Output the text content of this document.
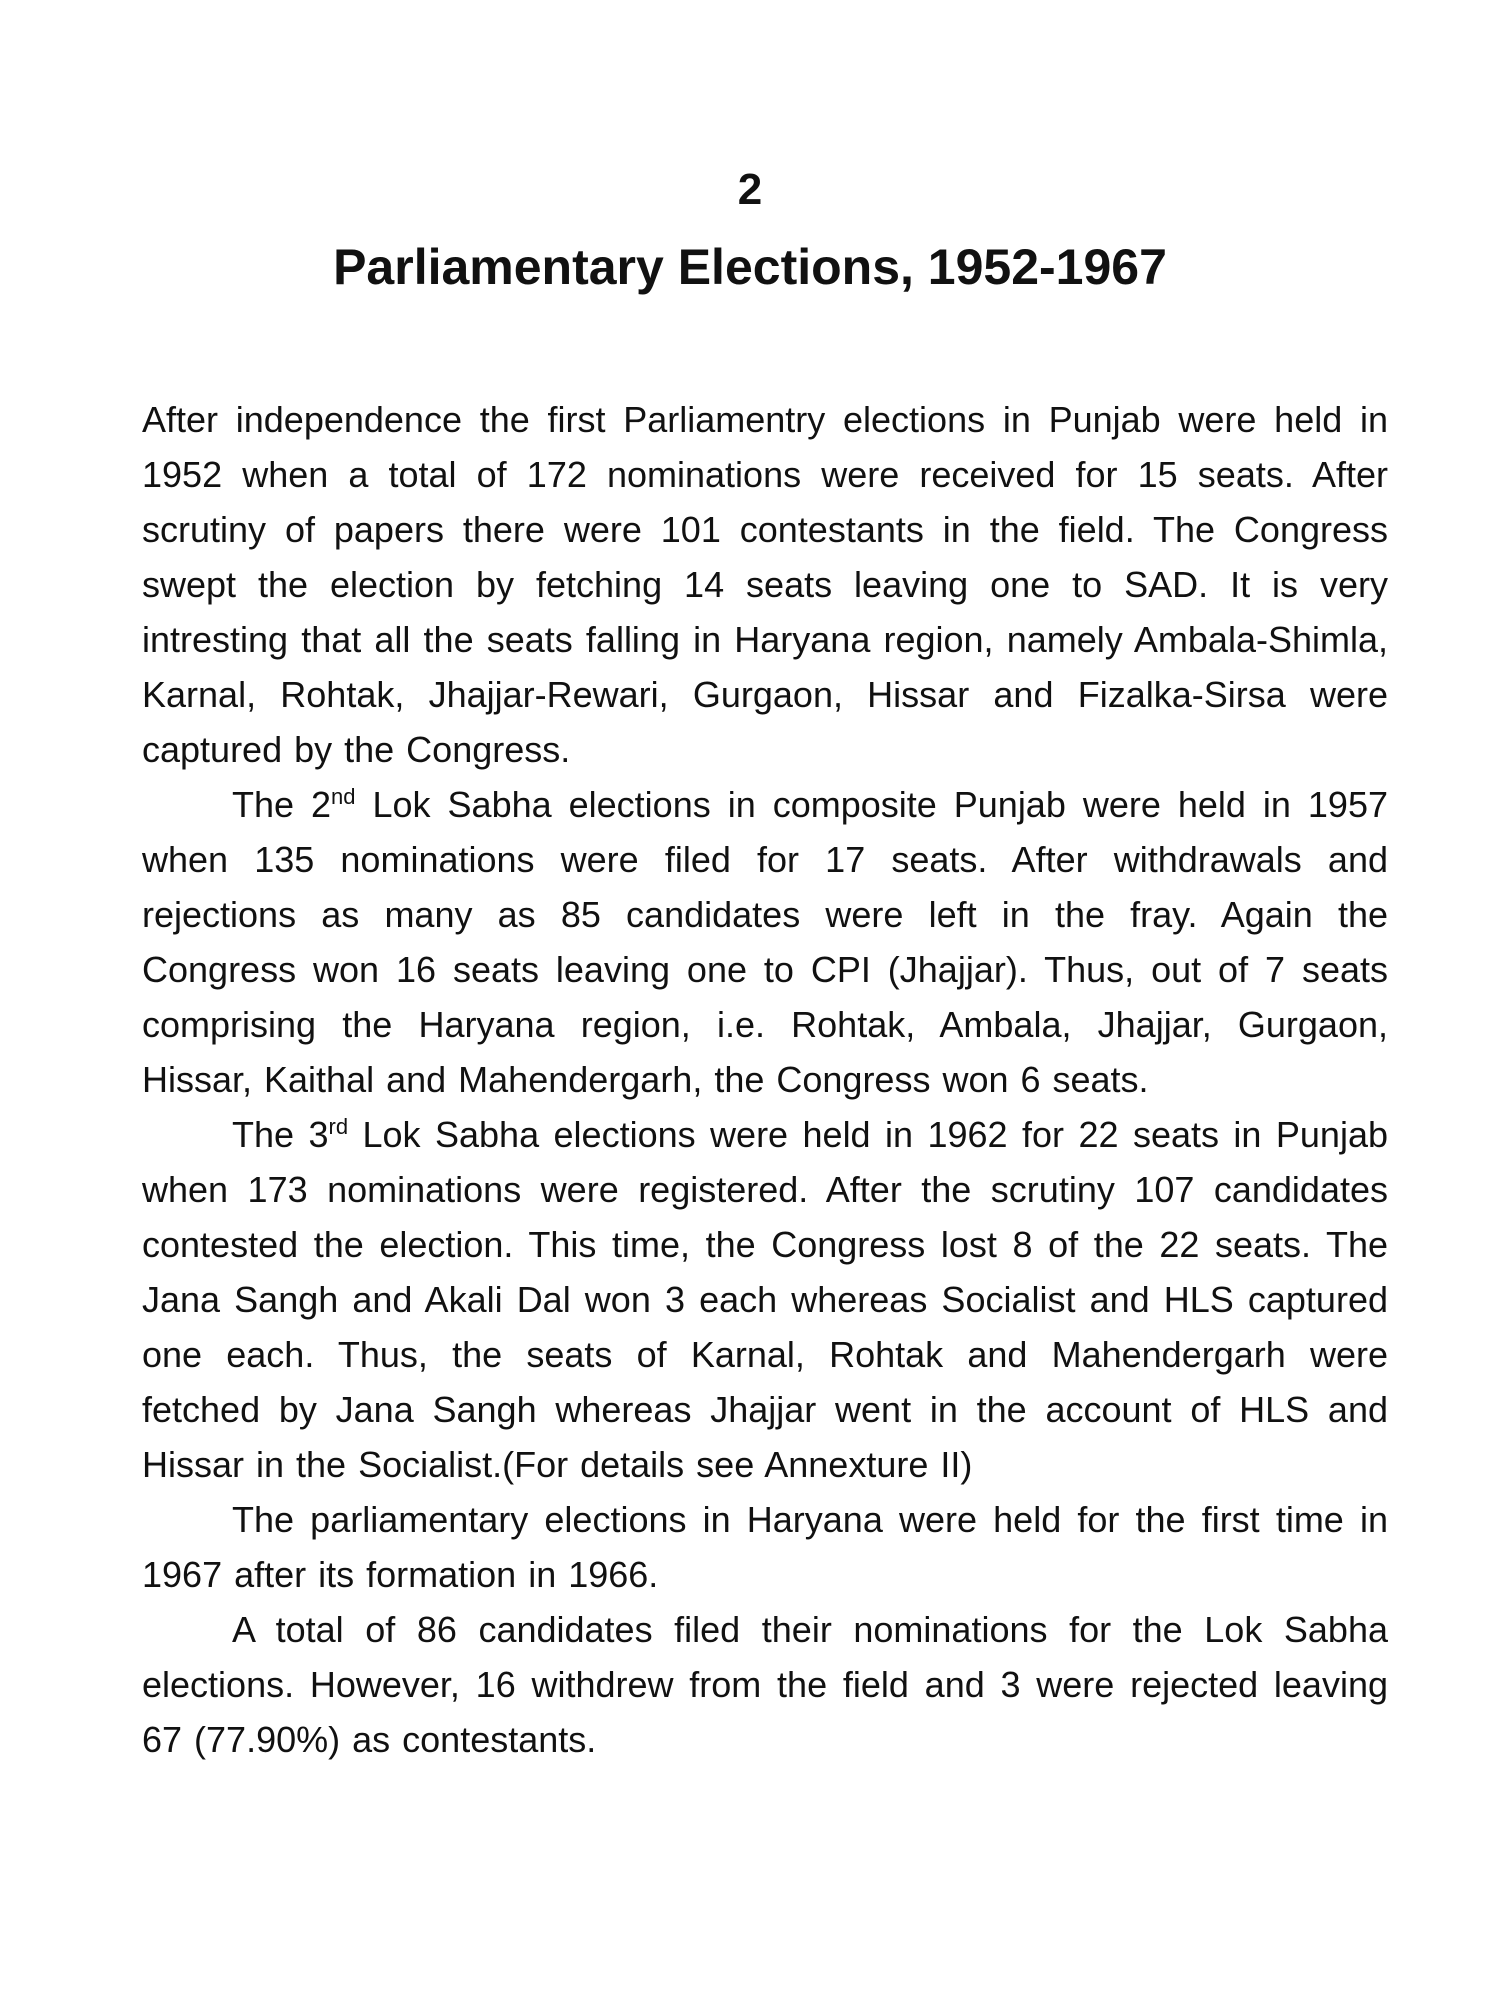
2
Parliamentary Elections, 1952-1967

After independence the first Parliamentry elections in Punjab were held in 1952 when a total of 172 nominations were received for 15 seats. After scrutiny of papers there were 101 contestants in the field. The Congress swept the election by fetching 14 seats leaving one to SAD. It is very intresting that all the seats falling in Haryana region, namely Ambala-Shimla, Karnal, Rohtak, Jhajjar-Rewari, Gurgaon, Hissar and Fizalka-Sirsa were captured by the Congress.

The 2nd Lok Sabha elections in composite Punjab were held in 1957 when 135 nominations were filed for 17 seats. After withdrawals and rejections as many as 85 candidates were left in the fray. Again the Congress won 16 seats leaving one to CPI (Jhajjar). Thus, out of 7 seats comprising the Haryana region, i.e. Rohtak, Ambala, Jhajjar, Gurgaon, Hissar, Kaithal and Mahendergarh, the Congress won 6 seats.

The 3rd Lok Sabha elections were held in 1962 for 22 seats in Punjab when 173 nominations were registered. After the scrutiny 107 candidates contested the election. This time, the Congress lost 8 of the 22 seats. The Jana Sangh and Akali Dal won 3 each whereas Socialist and HLS captured one each. Thus, the seats of Karnal, Rohtak and Mahendergarh were fetched by Jana Sangh whereas Jhajjar went in the account of HLS and Hissar in the Socialist.(For details see Annexture II)

The parliamentary elections in Haryana were held for the first time in 1967 after its formation in 1966.

A total of 86 candidates filed their nominations for the Lok Sabha elections. However, 16 withdrew from the field and 3 were rejected leaving 67 (77.90%) as contestants.
